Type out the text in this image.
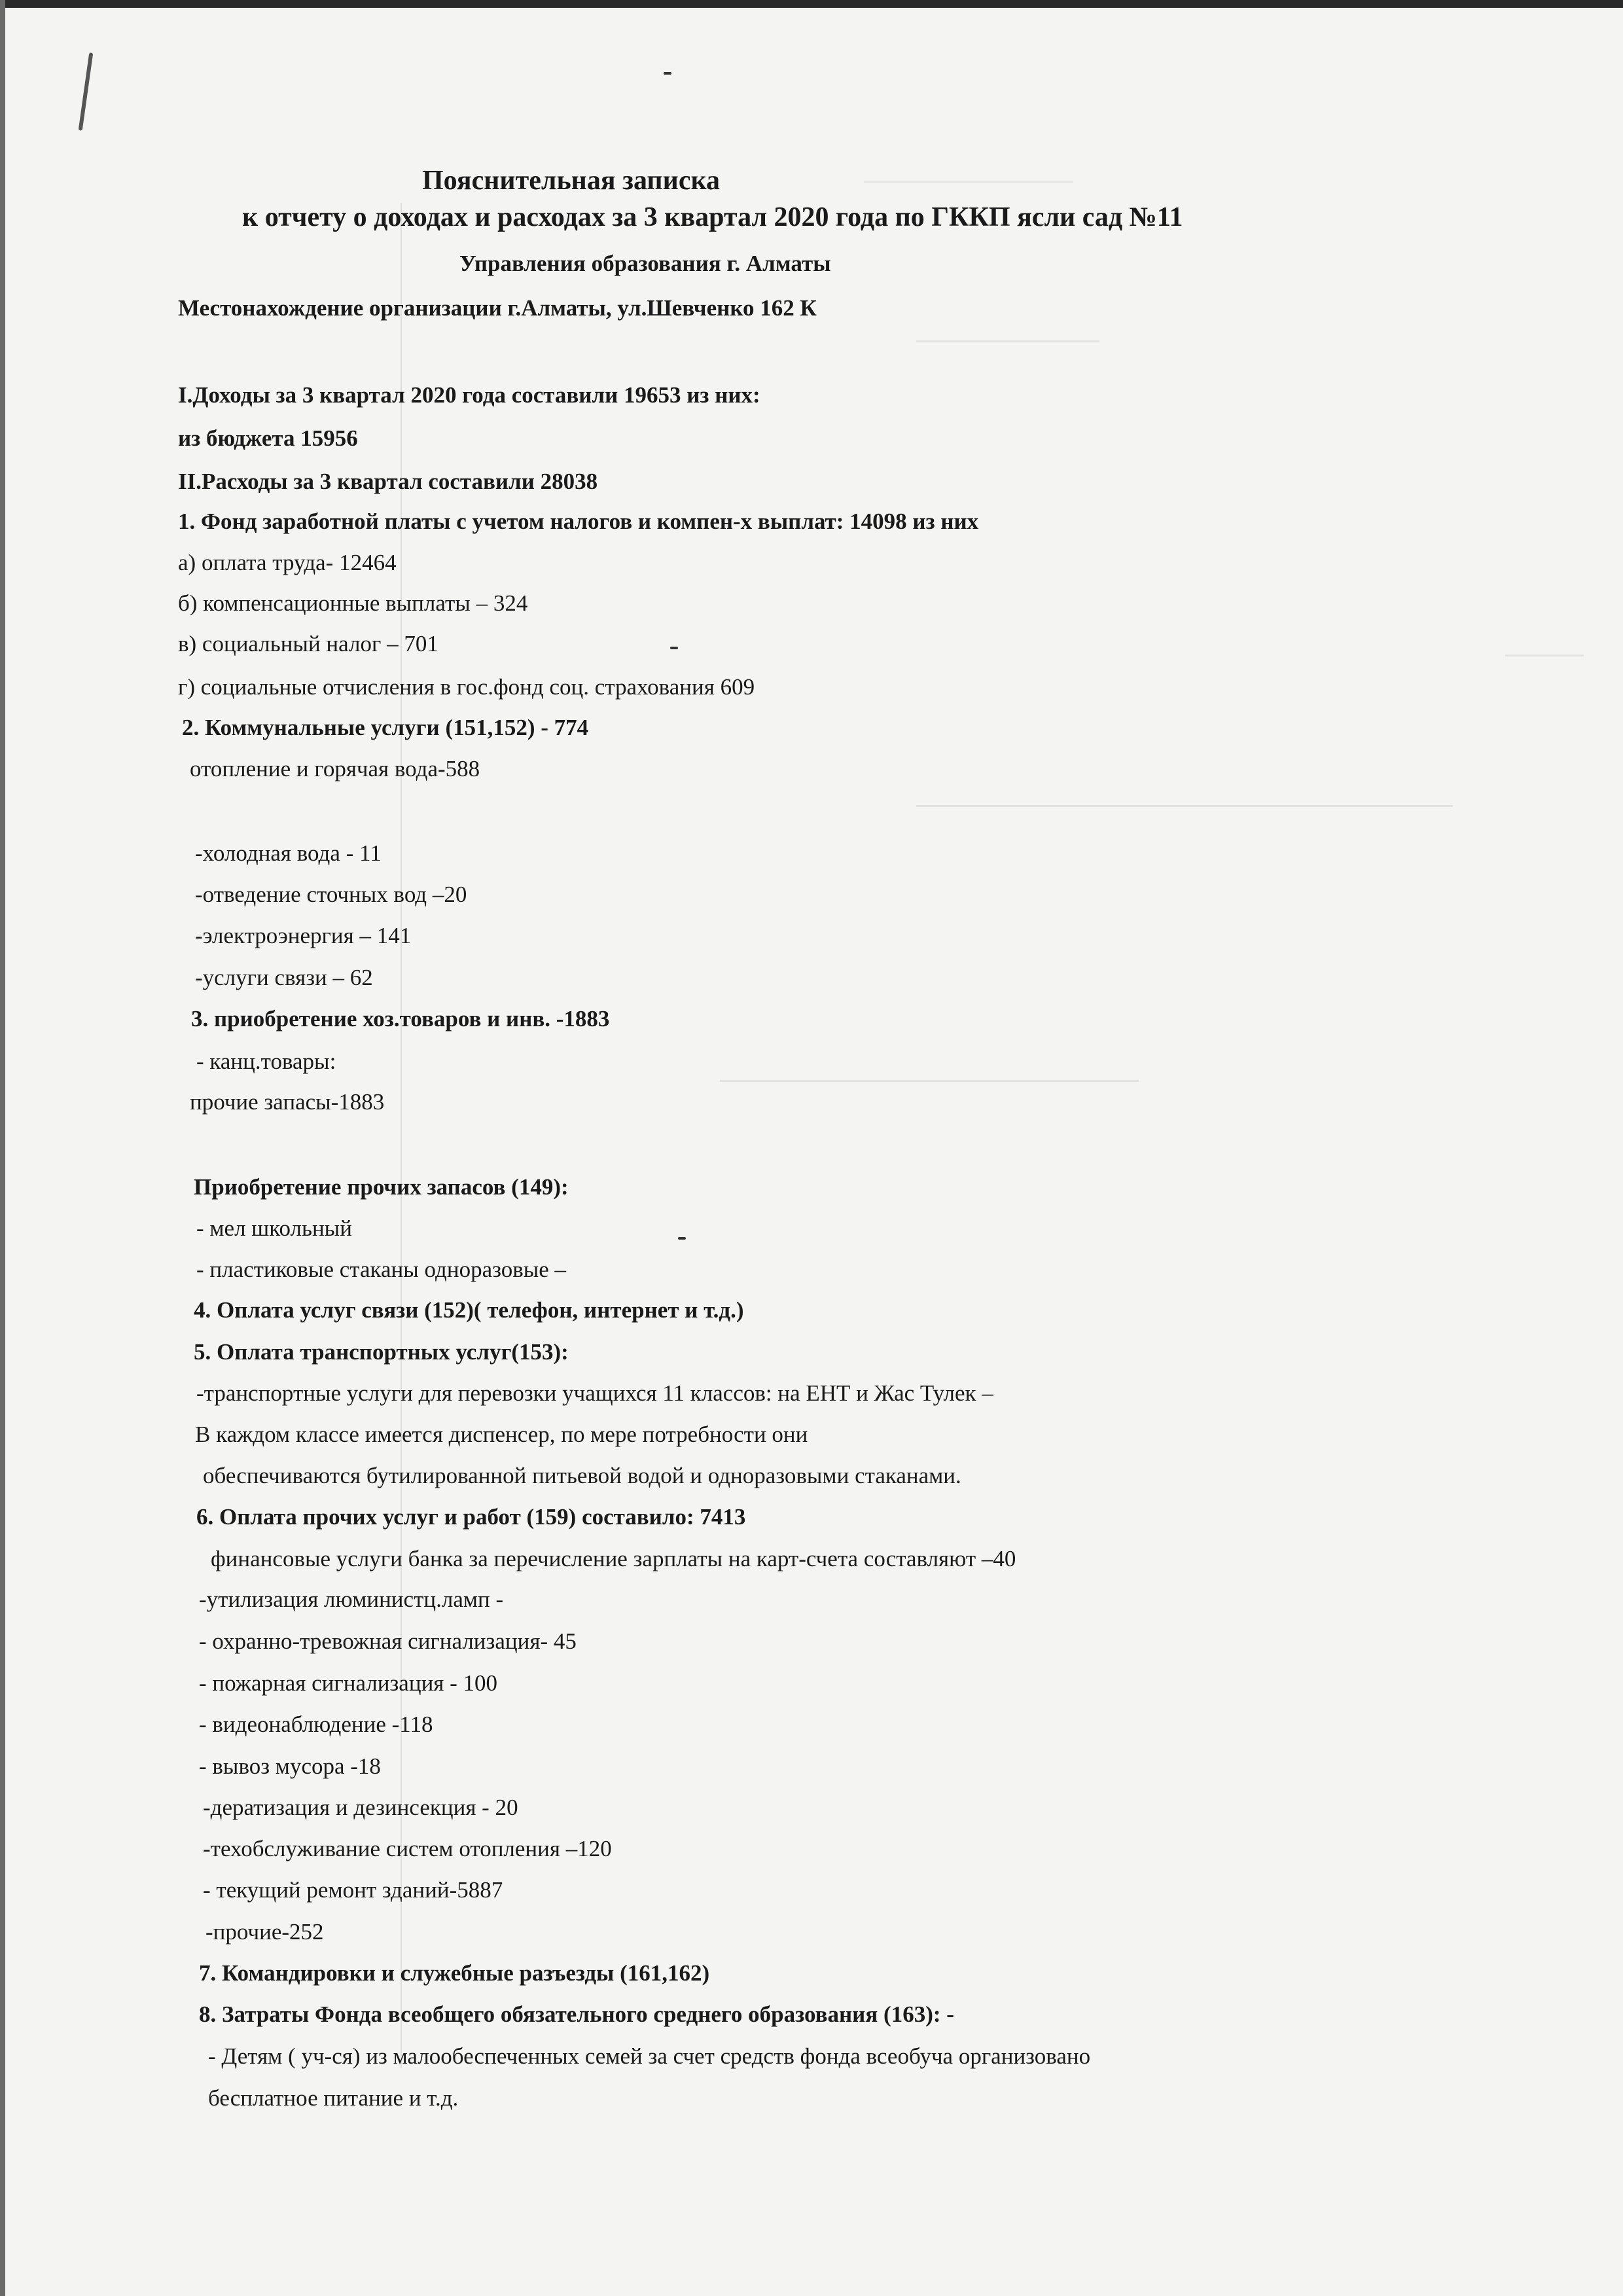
Пояснительная записка
к отчету о доходах и расходах за 3 квартал 2020 года по ГККП ясли сад №11
Управления образования г. Алматы
Местонахождение организации г.Алматы, ул.Шевченко 162 К
I.Доходы за 3 квартал 2020 года составили 19653 из них:
из бюджета 15956
II.Расходы за 3 квартал составили 28038
1. Фонд заработной платы с учетом налогов и компен-х выплат: 14098 из них
а) оплата труда- 12464
б) компенсационные выплаты – 324
в) социальный налог – 701
г) социальные отчисления в гос.фонд соц. страхования 609
2. Коммунальные услуги (151,152) - 774
отопление и горячая вода-588
-холодная вода - 11
-отведение сточных вод –20
-электроэнергия – 141
-услуги связи – 62
3. приобретение хоз.товаров и инв. -1883
- канц.товары:
прочие запасы-1883
Приобретение прочих запасов (149):
- мел школьный
- пластиковые стаканы одноразовые –
4. Оплата услуг связи (152)( телефон, интернет и т.д.)
5. Оплата транспортных услуг(153):
-транспортные услуги для перевозки учащихся 11 классов: на ЕНТ и Жас Тулек –
В каждом классе имеется диспенсер, по мере потребности они
обеспечиваются бутилированной питьевой водой и одноразовыми стаканами.
6. Оплата прочих услуг и работ (159) составило: 7413
финансовые услуги банка за перечисление зарплаты на карт-счета составляют –40
-утилизация люминистц.ламп -
- охранно-тревожная сигнализация- 45
- пожарная сигнализация - 100
- видеонаблюдение -118
- вывоз мусора -18
-дератизация и дезинсекция - 20
-техобслуживание систем отопления –120
- текущий ремонт зданий-5887
-прочие-252
7. Командировки и служебные разъезды (161,162)
8. Затраты Фонда всеобщего обязательного среднего образования (163): -
- Детям ( уч-ся) из малообеспеченных семей за счет средств фонда всеобуча организовано
бесплатное питание и т.д.
